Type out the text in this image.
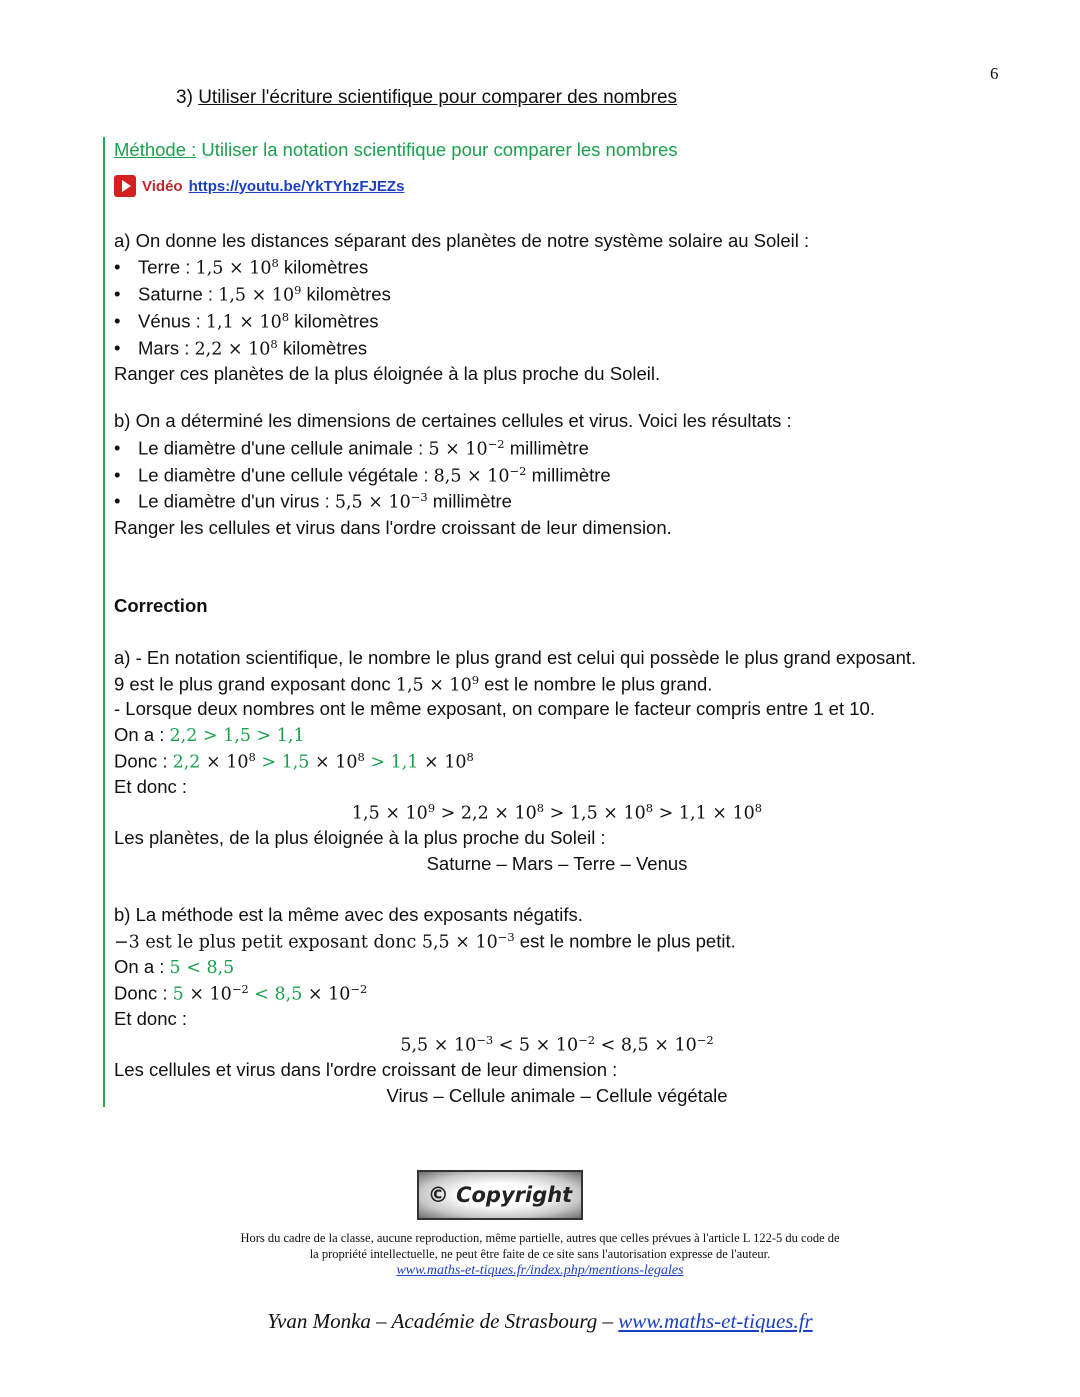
6
3) Utiliser l'écriture scientifique pour comparer des nombres
Méthode : Utiliser la notation scientifique pour comparer les nombres
Vidéo https://youtu.be/YkTYhzFJEZs
a) On donne les distances séparant des planètes de notre système solaire au Soleil :
• Terre : $1,5 \times 10^8$ kilomètres
• Saturne : $1,5 \times 10^9$ kilomètres
• Vénus : $1,1 \times 10^8$ kilomètres
• Mars : $2,2 \times 10^8$ kilomètres
Ranger ces planètes de la plus éloignée à la plus proche du Soleil.
b) On a déterminé les dimensions de certaines cellules et virus. Voici les résultats :
• Le diamètre d'une cellule animale : $5 \times 10^{-2}$ millimètre
• Le diamètre d'une cellule végétale : $8,5 \times 10^{-2}$ millimètre
• Le diamètre d'un virus : $5,5 \times 10^{-3}$ millimètre
Ranger les cellules et virus dans l'ordre croissant de leur dimension.
Correction
a) - En notation scientifique, le nombre le plus grand est celui qui possède le plus grand exposant.
9 est le plus grand exposant donc $1,5 \times 10^9$ est le nombre le plus grand.
- Lorsque deux nombres ont le même exposant, on compare le facteur compris entre 1 et 10.
On a : 2,2 > 1,5 > 1,1
Donc : $2,2 \times 10^8 > 1,5 \times 10^8 > 1,1 \times 10^8$
Et donc :
$1,5 \times 10^9 > 2,2 \times 10^8 > 1,5 \times 10^8 > 1,1 \times 10^8$
Les planètes, de la plus éloignée à la plus proche du Soleil :
Saturne – Mars – Terre – Venus
b) La méthode est la même avec des exposants négatifs.
−3 est le plus petit exposant donc $5,5 \times 10^{-3}$ est le nombre le plus petit.
On a : 5 < 8,5
Donc : $5 \times 10^{-2} < 8,5 \times 10^{-2}$
Et donc :
$5,5 \times 10^{-3} < 5 \times 10^{-2} < 8,5 \times 10^{-2}$
Les cellules et virus dans l'ordre croissant de leur dimension :
Virus – Cellule animale – Cellule végétale
© Copyright
Hors du cadre de la classe, aucune reproduction, même partielle, autres que celles prévues à l'article L 122-5 du code de
la propriété intellectuelle, ne peut être faite de ce site sans l'autorisation expresse de l'auteur.
www.maths-et-tiques.fr/index.php/mentions-legales
Yvan Monka – Académie de Strasbourg – www.maths-et-tiques.fr
